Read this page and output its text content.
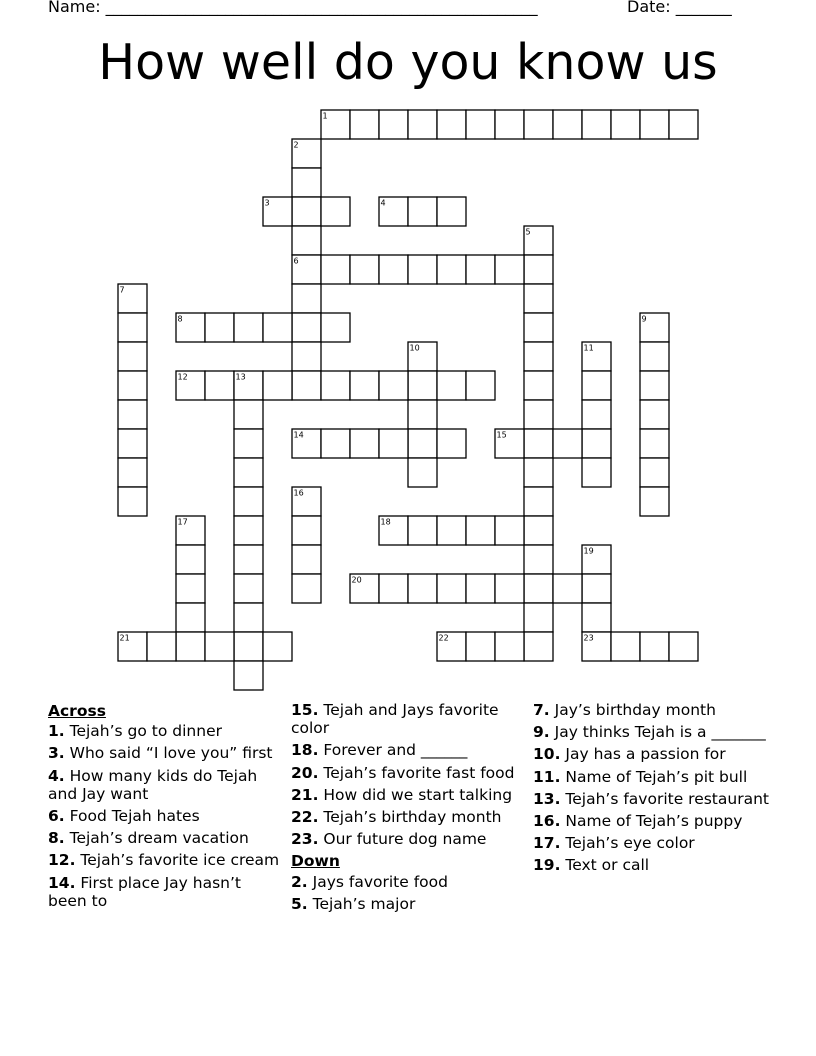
Name: ______________________________________________________	Date: _______
How well do you know us
1
2
3	4
5
6
7
8	9
10	11
12	13
14	15
16
17	18
19
20
21	22	23
Across
1. Tejah’s go to dinner
3. Who said “I love you” first
4. How many kids do Tejah and Jay want
6. Food Tejah hates
8. Tejah’s dream vacation
12. Tejah’s favorite ice cream
14. First place Jay hasn’t been to
15. Tejah and Jays favorite color
18. Forever and ______
20. Tejah’s favorite fast food
21. How did we start talking
22. Tejah’s birthday month
23. Our future dog name
Down
2. Jays favorite food
5. Tejah’s major
7. Jay’s birthday month
9. Jay thinks Tejah is a _______
10. Jay has a passion for
11. Name of Tejah’s pit bull
13. Tejah’s favorite restaurant
16. Name of Tejah’s puppy
17. Tejah’s eye color
19. Text or call
